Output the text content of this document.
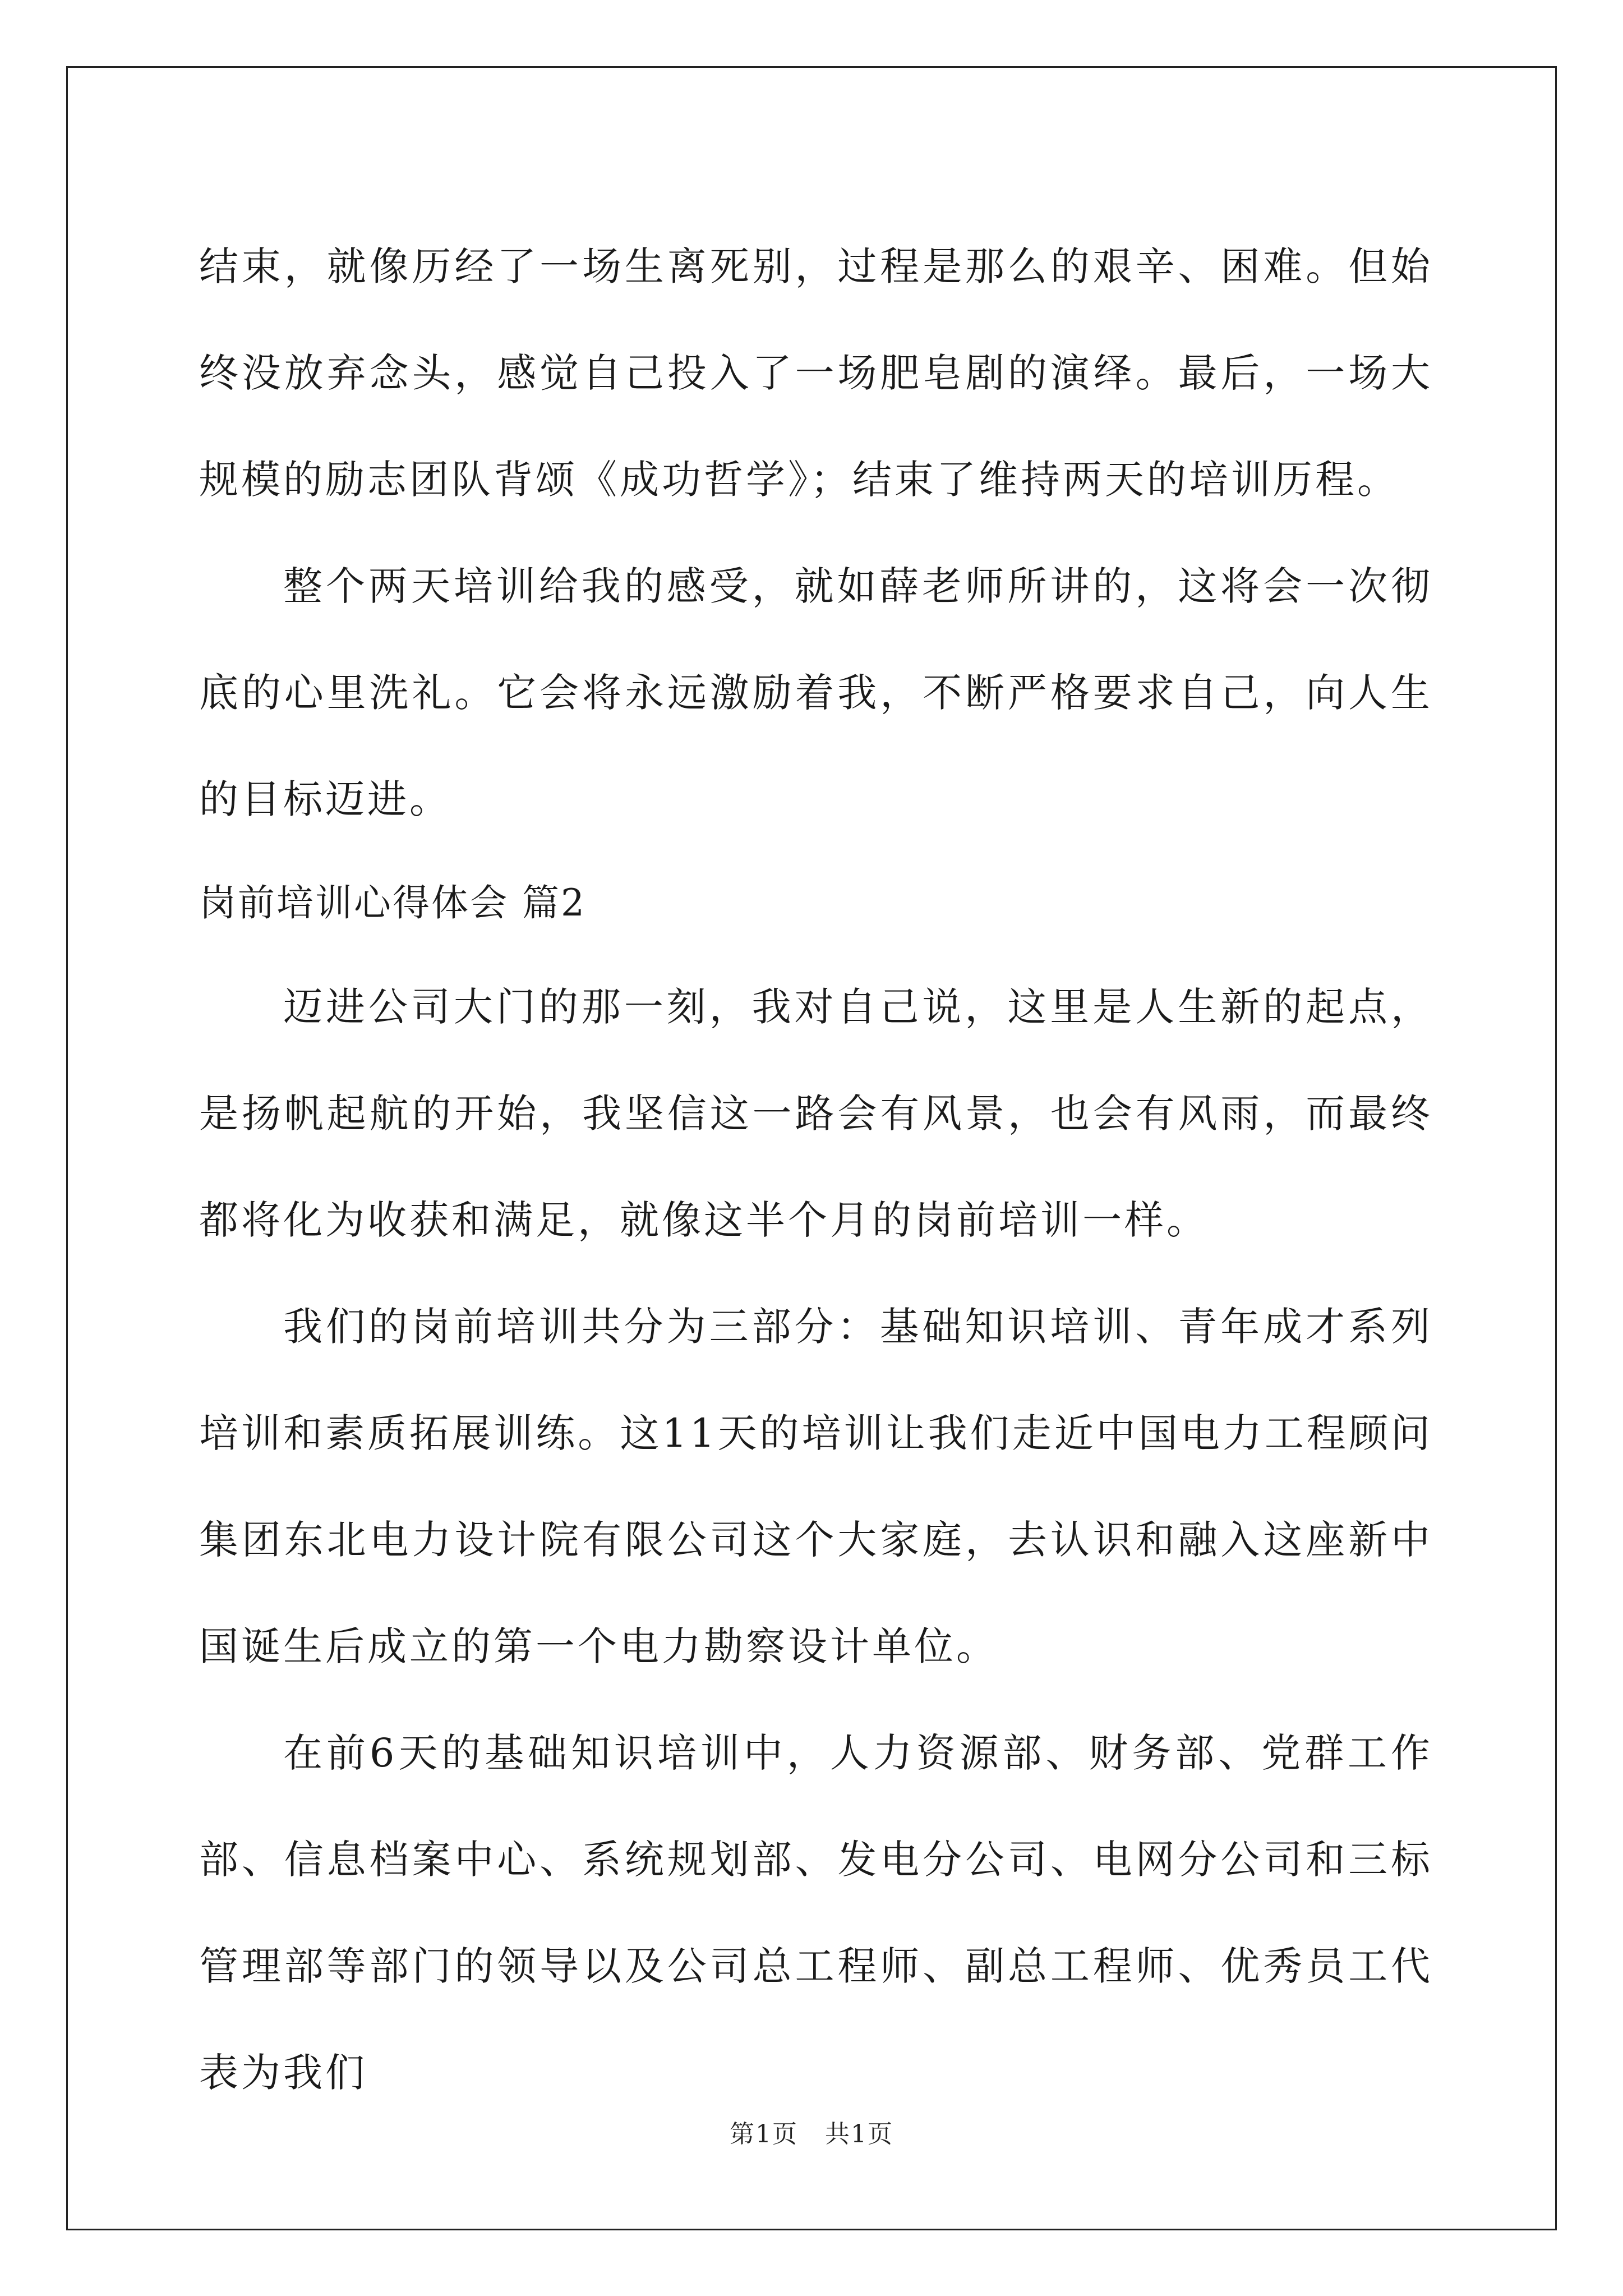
结束，就像历经了一场生离死别，过程是那么的艰辛、困难。但始终没放弃念头，感觉自己投入了一场肥皂剧的演绎。最后，一场大规模的励志团队背颂《成功哲学》；结束了维持两天的培训历程。

整个两天培训给我的感受，就如薛老师所讲的，这将会一次彻底的心里洗礼。它会将永远激励着我，不断严格要求自己，向人生的目标迈进。

岗前培训心得体会 篇2

迈进公司大门的那一刻，我对自己说，这里是人生新的起点，是扬帆起航的开始，我坚信这一路会有风景，也会有风雨，而最终都将化为收获和满足，就像这半个月的岗前培训一样。

我们的岗前培训共分为三部分：基础知识培训、青年成才系列培训和素质拓展训练。这11天的培训让我们走近中国电力工程顾问集团东北电力设计院有限公司这个大家庭，去认识和融入这座新中国诞生后成立的第一个电力勘察设计单位。

在前6天的基础知识培训中，人力资源部、财务部、党群工作部、信息档案中心、系统规划部、发电分公司、电网分公司和三标管理部等部门的领导以及公司总工程师、副总工程师、优秀员工代表为我们

第1页 共1页
